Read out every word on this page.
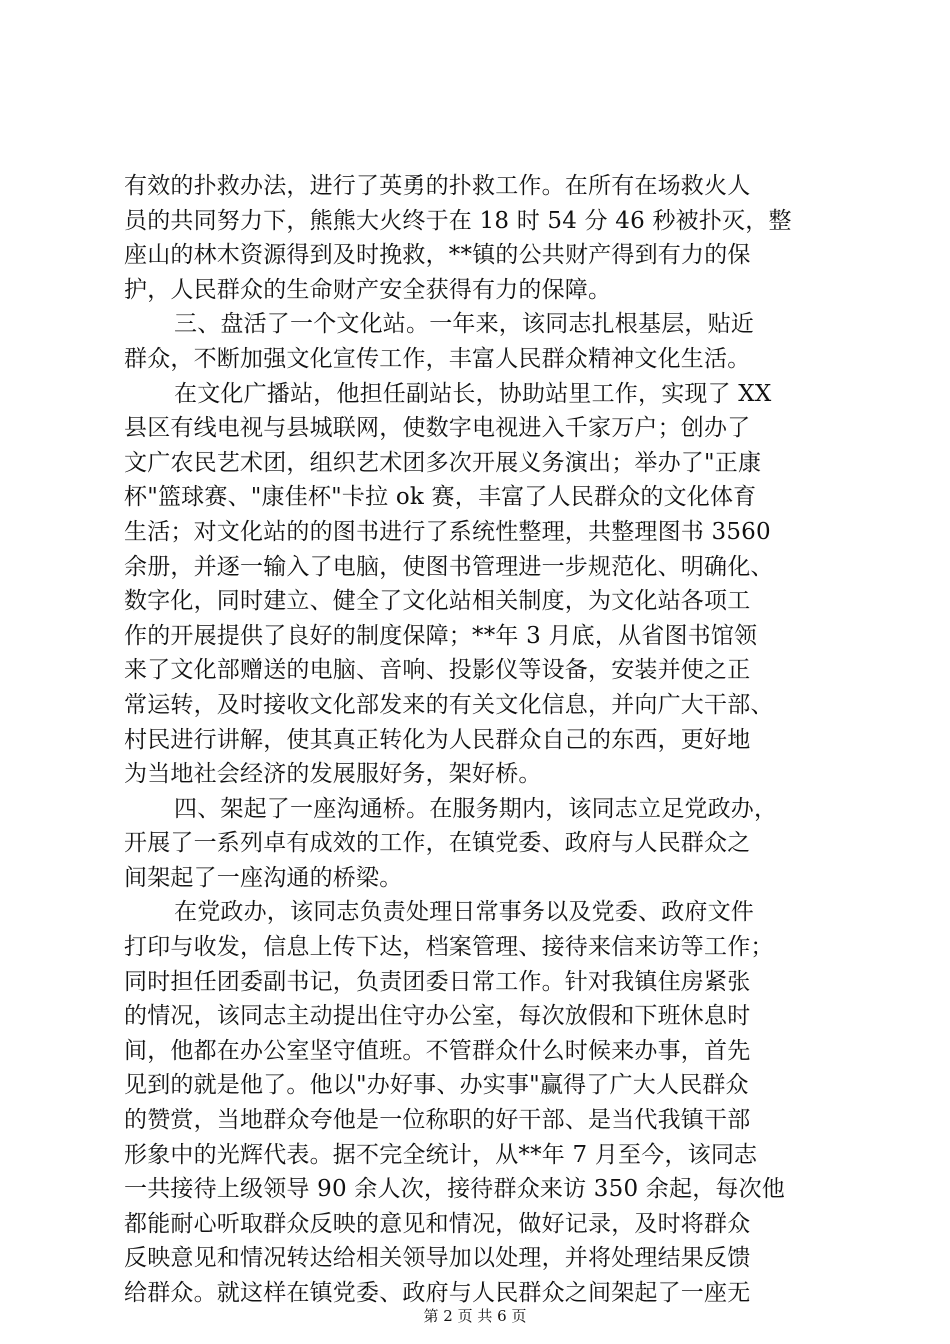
有效的扑救办法，进行了英勇的扑救工作。在所有在场救火人
员的共同努力下，熊熊大火终于在 18 时 54 分 46 秒被扑灭，整
座山的林木资源得到及时挽救，**镇的公共财产得到有力的保
护，人民群众的生命财产安全获得有力的保障。
三、盘活了一个文化站。一年来，该同志扎根基层，贴近
群众，不断加强文化宣传工作，丰富人民群众精神文化生活。
在文化广播站，他担任副站长，协助站里工作，实现了 XX
县区有线电视与县城联网，使数字电视进入千家万户；创办了
文广农民艺术团，组织艺术团多次开展义务演出；举办了"正康
杯"篮球赛、"康佳杯"卡拉 ok 赛，丰富了人民群众的文化体育
生活；对文化站的的图书进行了系统性整理，共整理图书 3560
余册，并逐一输入了电脑，使图书管理进一步规范化、明确化、
数字化，同时建立、健全了文化站相关制度，为文化站各项工
作的开展提供了良好的制度保障；**年 3 月底，从省图书馆领
来了文化部赠送的电脑、音响、投影仪等设备，安装并使之正
常运转，及时接收文化部发来的有关文化信息，并向广大干部、
村民进行讲解，使其真正转化为人民群众自己的东西，更好地
为当地社会经济的发展服好务，架好桥。
四、架起了一座沟通桥。在服务期内，该同志立足党政办，
开展了一系列卓有成效的工作，在镇党委、政府与人民群众之
间架起了一座沟通的桥梁。
在党政办，该同志负责处理日常事务以及党委、政府文件
打印与收发，信息上传下达，档案管理、接待来信来访等工作；
同时担任团委副书记，负责团委日常工作。针对我镇住房紧张
的情况，该同志主动提出住守办公室，每次放假和下班休息时
间，他都在办公室坚守值班。不管群众什么时候来办事，首先
见到的就是他了。他以"办好事、办实事"赢得了广大人民群众
的赞赏，当地群众夸他是一位称职的好干部、是当代我镇干部
形象中的光辉代表。据不完全统计，从**年 7 月至今，该同志
一共接待上级领导 90 余人次，接待群众来访 350 余起，每次他
都能耐心听取群众反映的意见和情况，做好记录，及时将群众
反映意见和情况转达给相关领导加以处理，并将处理结果反馈
给群众。就这样在镇党委、政府与人民群众之间架起了一座无
第 2 页 共 6 页
